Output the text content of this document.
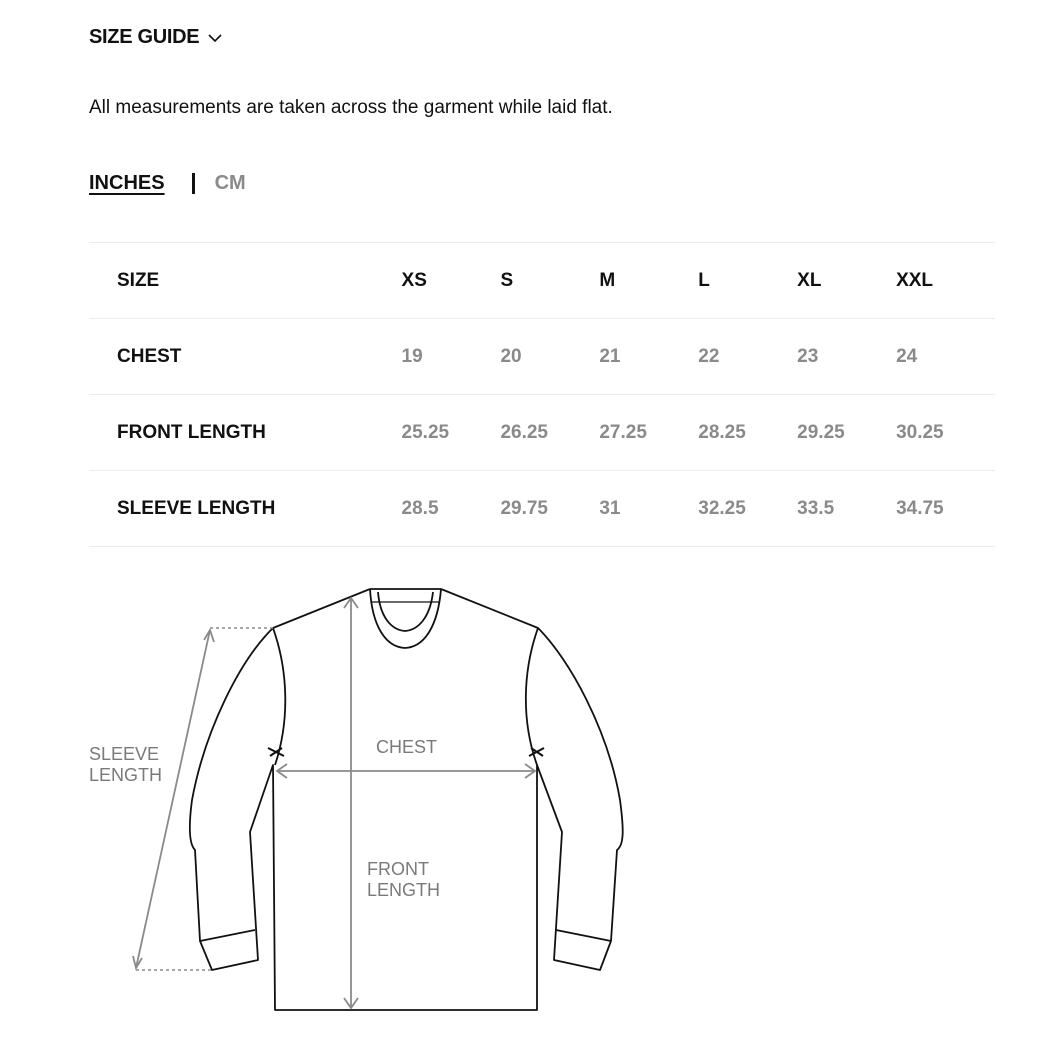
SIZE GUIDE
All measurements are taken across the garment while laid flat.
INCHES	CM
SIZE	XS	S	M	L	XL	XXL
CHEST	19	20	21	22	23	24
FRONT LENGTH	25.25	26.25	27.25	28.25	29.25	30.25
SLEEVE LENGTH	28.5	29.75	31	32.25	33.5	34.75
SLEEVE
LENGTH
CHEST
FRONT
LENGTH
